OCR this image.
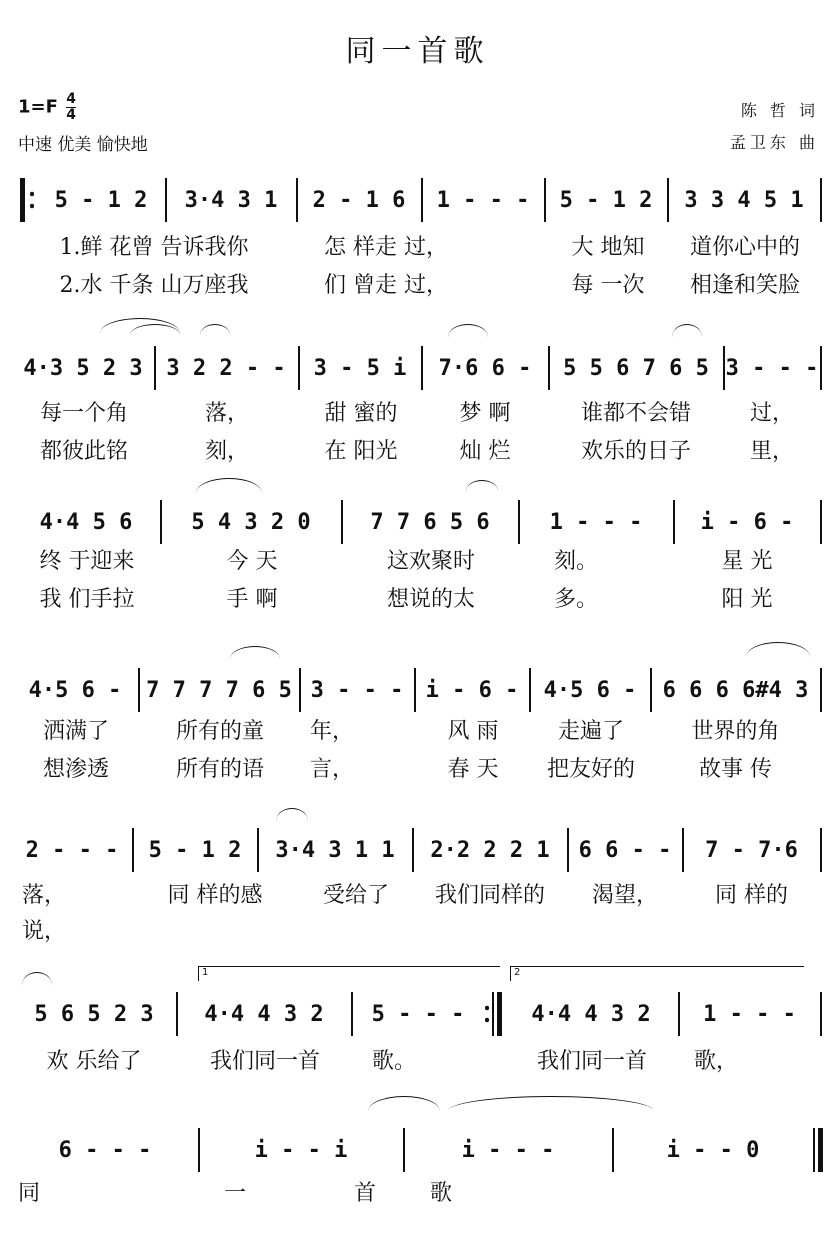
同一首歌
$1=F \frac{4}{4}$
中速 优美 愉快地
陈 哲 词
孟卫东 曲
5 - 1 2	3·4 3 1	2 - 1 6	1 - - -	5 - 1 2	3 3 4 5 1
1.鲜 花曾 告诉我你	怎 样走 过，	大 地知	道你心中的
2.水 千条 山万座我	们 曾走 过，	每 一次	相逢和笑脸
4·3 5 2 3	3 2 2 - -	3 - 5 i	7·6 6 -	5 5 6 7 6 5 3 - - -
每一个角	落，	甜 蜜的	梦 啊	谁都不会错	过，
都彼此铭	刻，	在 阳光	灿 烂	欢乐的日子	里，
4·4 5 6	5 4 3 2 0	7 7 6 5 6	1 - - -	i - 6 -
终 于迎来	今 天	这欢聚时	刻。	星 光
我 们手拉	手 啊	想说的太	多。	阳 光
4·5 6 -	7 7 7 7 6 5 3 - - -	i - 6 -	4·5 6 -	6 6 6 6#4 3
洒满了	所有的童	年，	风 雨	走遍了	世界的角
想渗透	所有的语	言，	春 天	把友好的	故事 传
2 - - -	5 - 1 2	3·4 3 1 1	2·2 2 2 1	6 6 - -	7 - 7·6
落，	同 样的感	受给了	我们同样的	渴望，	同 样的
说，
1	2
5 6 5 2 3	4·4 4 3 2	5 - - -	4·4 4 3 2	1 - - -
欢 乐给了	我们同一首	歌。	我们同一首	歌，
6 - - -	i - - i	i - - -	i - - 0
同	一	首 歌
